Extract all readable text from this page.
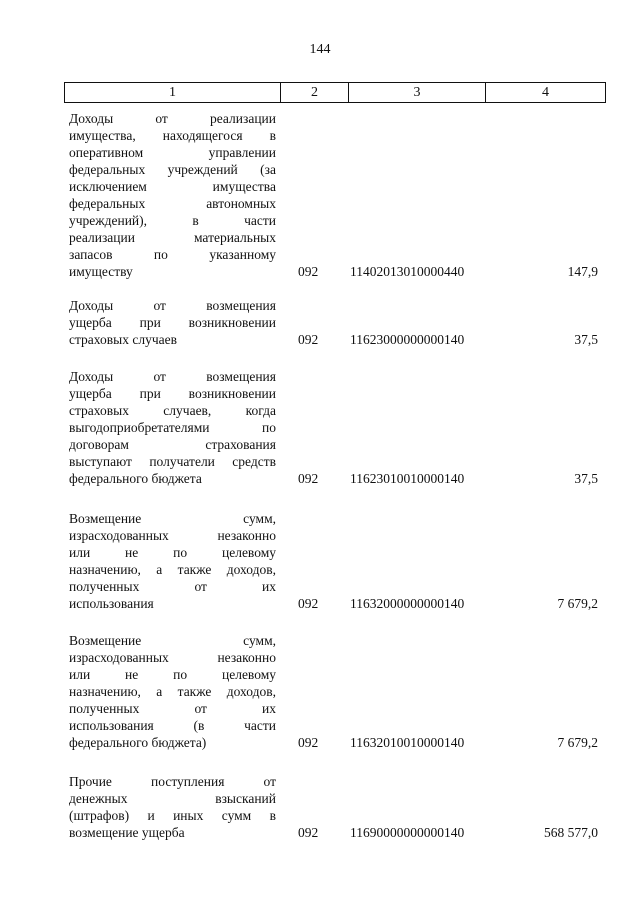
144
1	2	3	4
Доходы от реализации
имущества, находящегося в
оперативном управлении
федеральных учреждений (за
исключением имущества
федеральных автономных
учреждений), в части
реализации материальных
запасов по указанному
имуществу	092	11402013010000440	147,9
Доходы от возмещения
ущерба при возникновении
страховых случаев	092	11623000000000140	37,5
Доходы от возмещения
ущерба при возникновении
страховых случаев, когда
выгодоприобретателями по
договорам страхования
выступают получатели средств
федерального бюджета	092	11623010010000140	37,5
Возмещение сумм,
израсходованных незаконно
или не по целевому
назначению, а также доходов,
полученных от их
использования	092	11632000000000140	7 679,2
Возмещение сумм,
израсходованных незаконно
или не по целевому
назначению, а также доходов,
полученных от их
использования (в части
федерального бюджета)	092	11632010010000140	7 679,2
Прочие поступления от
денежных взысканий
(штрафов) и иных сумм в
возмещение ущерба	092	11690000000000140	568 577,0
